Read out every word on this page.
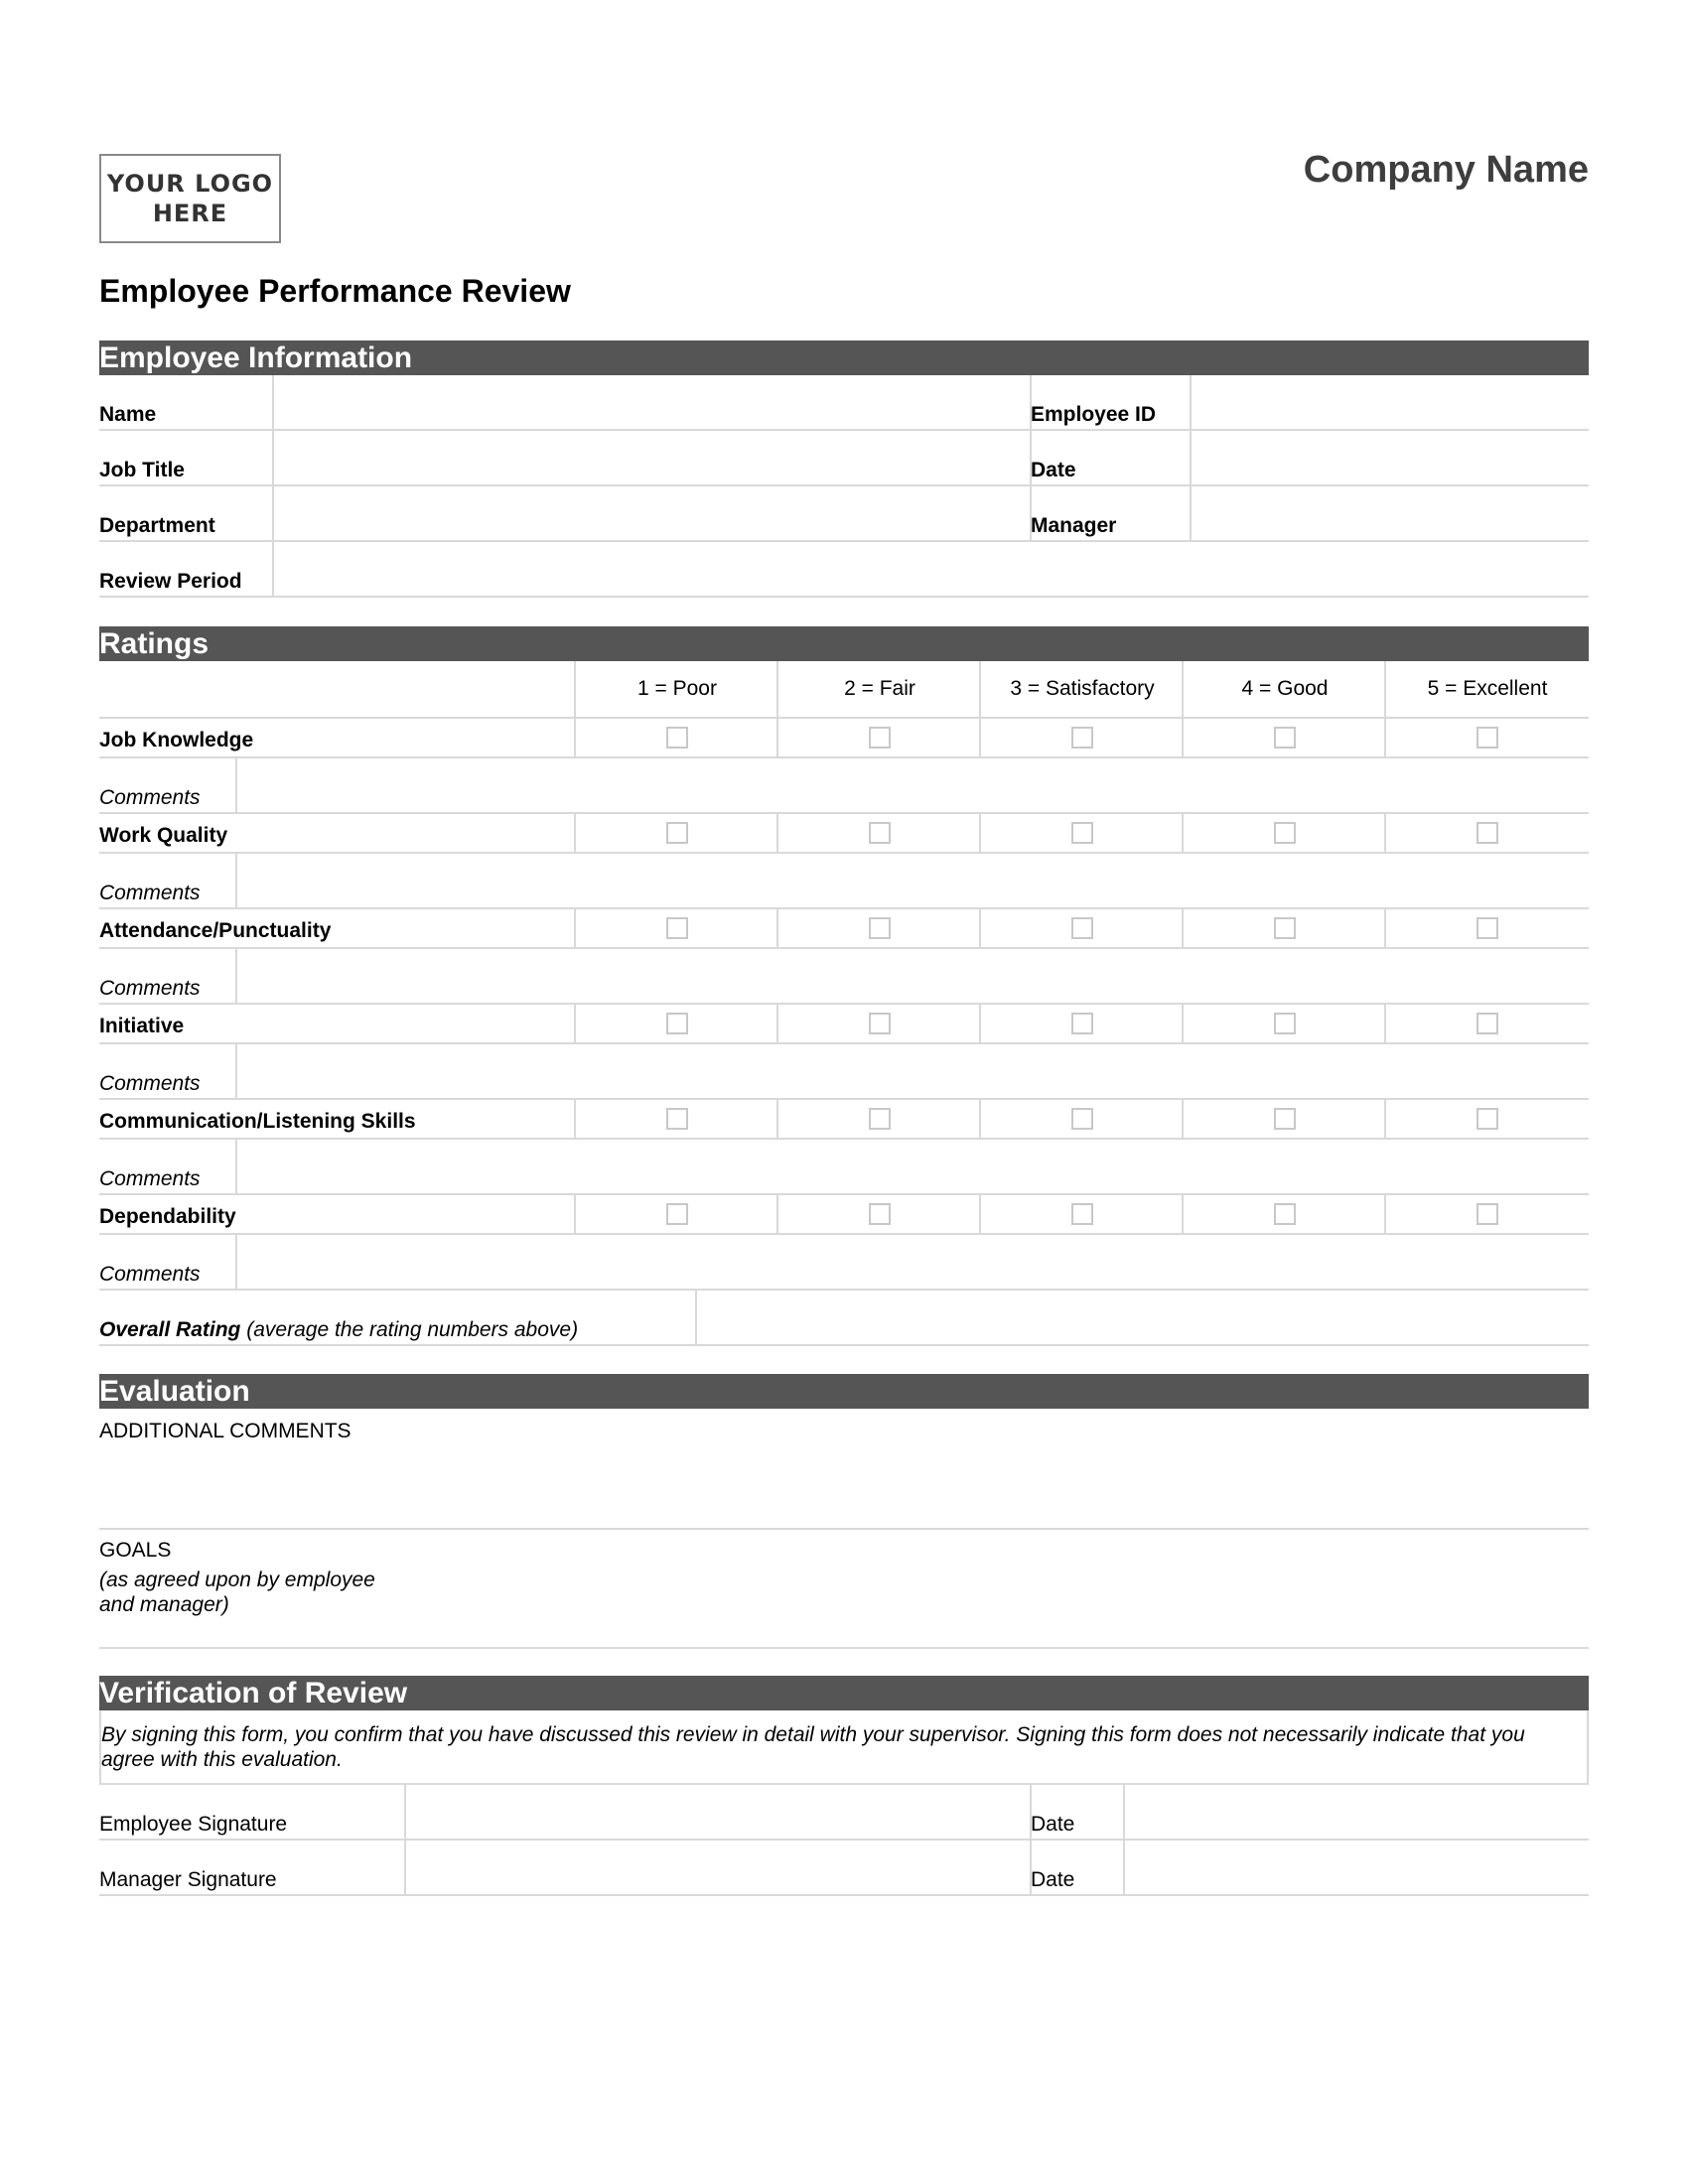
YOUR LOGO
HERE
Company Name
Employee Performance Review
Employee Information
Name	Employee ID
Job Title	Date
Department	Manager
Review Period
Ratings
1 = Poor	2 = Fair	3 = Satisfactory	4 = Good	5 = Excellent
Job Knowledge
Comments
Work Quality
Comments
Attendance/Punctuality
Comments
Initiative
Comments
Communication/Listening Skills
Comments
Dependability
Comments
Overall Rating (average the rating numbers above)
Evaluation
ADDITIONAL COMMENTS
GOALS
(as agreed upon by employee
and manager)
Verification of Review
By signing this form, you confirm that you have discussed this review in detail with your supervisor. Signing this form does not necessarily indicate that you agree with this evaluation.
Employee Signature	Date
Manager Signature	Date
